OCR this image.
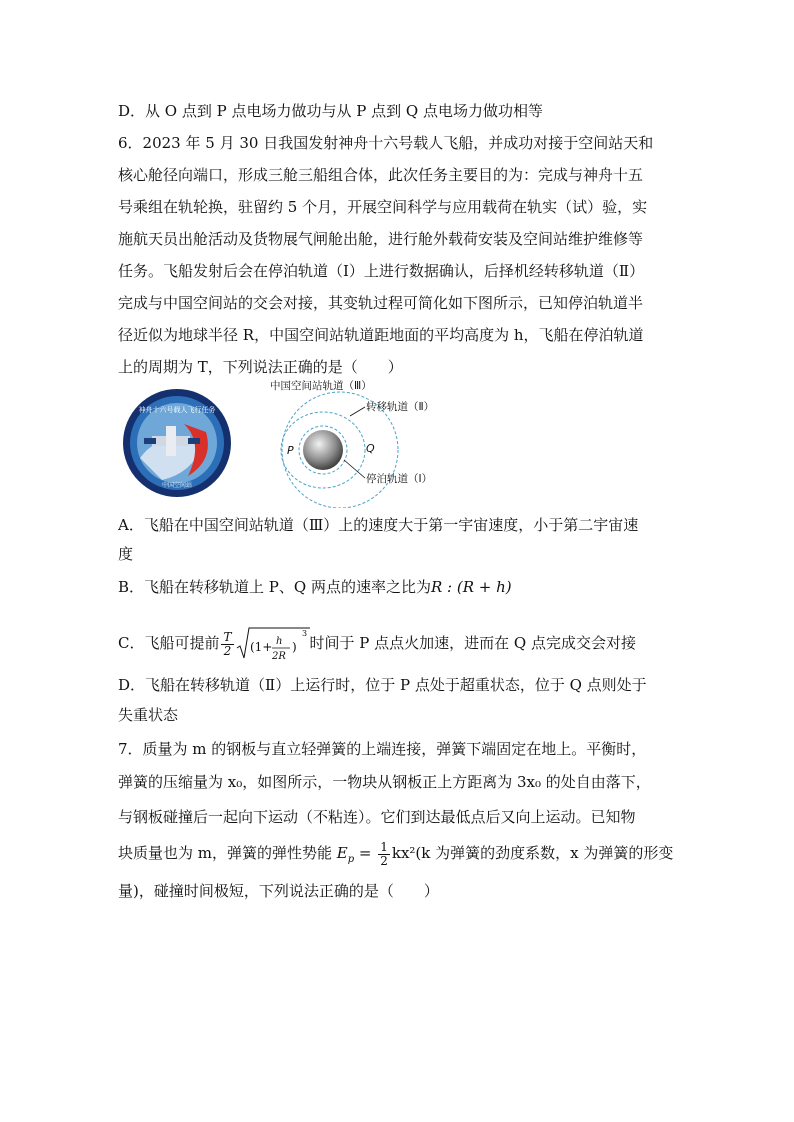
D．从 O 点到 P 点电场力做功与从 P 点到 Q 点电场力做功相等
6．2023 年 5 月 30 日我国发射神舟十六号载人飞船，并成功对接于空间站天和
核心舱径向端口，形成三舱三船组合体，此次任务主要目的为：完成与神舟十五
号乘组在轨轮换，驻留约 5 个月，开展空间科学与应用载荷在轨实（试）验，实
施航天员出舱活动及货物展气闸舱出舱，进行舱外载荷安装及空间站维护维修等
任务。飞船发射后会在停泊轨道（Ⅰ）上进行数据确认，后择机经转移轨道（Ⅱ）
完成与中国空间站的交会对接，其变轨过程可简化如下图所示，已知停泊轨道半
径近似为地球半径 R，中国空间站轨道距地面的平均高度为 h，飞船在停泊轨道
上的周期为 T，下列说法正确的是（　　）
神舟十六号载人飞行任务
中国空间站
P	Q
中国空间站轨道（Ⅲ）
转移轨道（Ⅱ）
停泊轨道（Ⅰ）
A．飞船在中国空间站轨道（Ⅲ）上的速度大于第一宇宙速度，小于第二宇宙速
度
B．飞船在转移轨道上 P、Q 两点的速率之比为R : (R + h)
C．飞船可提前 $\frac{T}{2} (1+ h$
2R
)
3
时间于 P 点点火加速，进而在 Q 点完成交会对接
D．飞船在转移轨道（Ⅱ）上运行时，位于 P 点处于超重状态，位于 Q 点则处于
失重状态
7．质量为 m 的钢板与直立轻弹簧的上端连接，弹簧下端固定在地上。平衡时，
弹簧的压缩量为 x₀，如图所示，一物块从钢板正上方距离为 3x₀ 的处自由落下，
与钢板碰撞后一起向下运动（不粘连）。它们到达最低点后又向上运动。已知物
块质量也为 m，弹簧的弹性势能 $E_p = \frac{1}{2} kx^2(k$ 为弹簧的劲度系数，x 为弹簧的形变
量)，碰撞时间极短，下列说法正确的是（　　）
